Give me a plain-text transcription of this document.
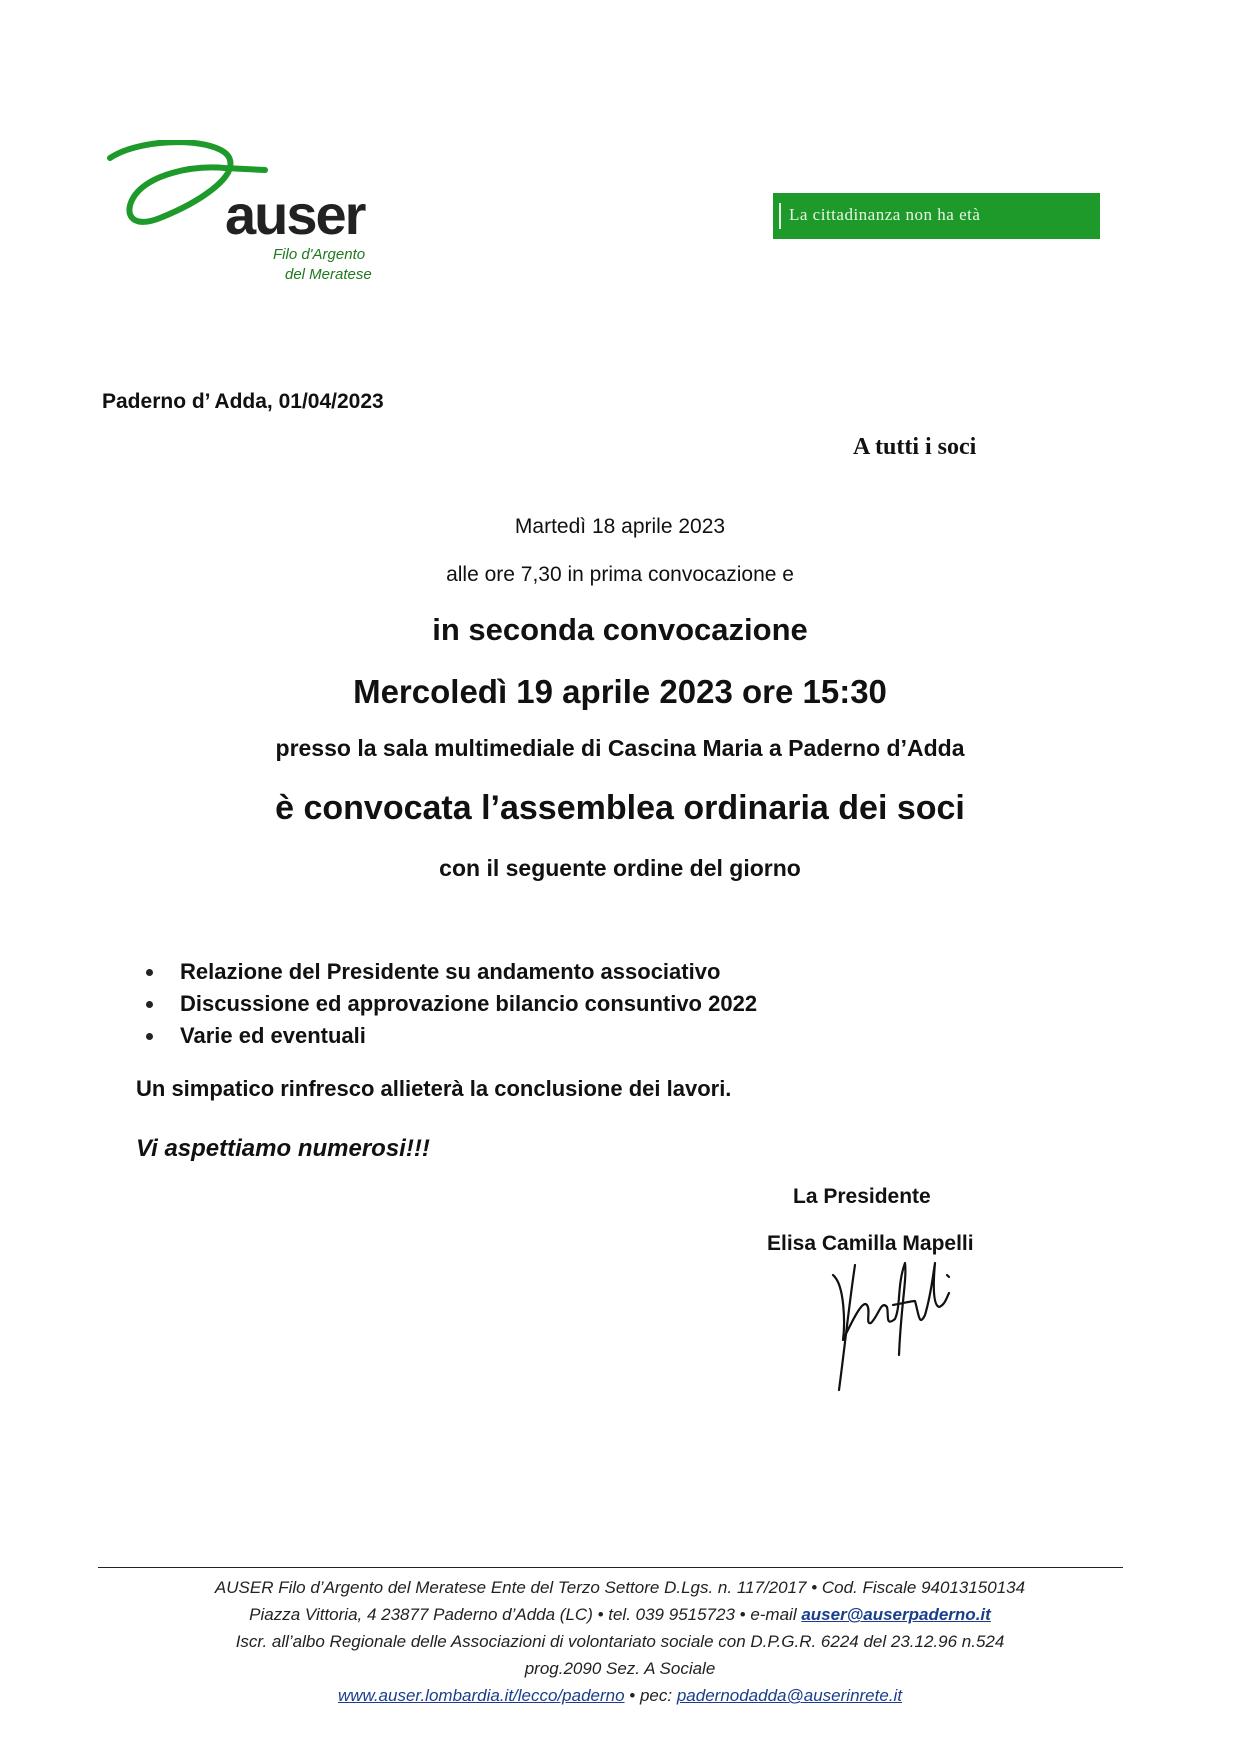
auser
Filo d'Argento
del Meratese
La cittadinanza non ha età
Paderno d’ Adda, 01/04/2023
A tutti i soci
Martedì 18 aprile 2023
alle ore 7,30 in prima convocazione e
in seconda convocazione
Mercoledì 19 aprile 2023 ore 15:30
presso la sala multimediale di Cascina Maria a Paderno d’Adda
è convocata l’assemblea ordinaria dei soci
con il seguente ordine del giorno
Relazione del Presidente su andamento associativo
Discussione ed approvazione bilancio consuntivo 2022
Varie ed eventuali
Un simpatico rinfresco allieterà la conclusione dei lavori.
Vi aspettiamo numerosi!!!
La Presidente
Elisa Camilla Mapelli
AUSER Filo d’Argento del Meratese Ente del Terzo Settore D.Lgs. n. 117/2017 • Cod. Fiscale 94013150134
Piazza Vittoria, 4 23877 Paderno d’Adda (LC) • tel. 039 9515723 • e-mail auser@auserpaderno.it
Iscr. all’albo Regionale delle Associazioni di volontariato sociale con D.P.G.R. 6224 del 23.12.96 n.524
prog.2090 Sez. A Sociale
www.auser.lombardia.it/lecco/paderno • pec: padernodadda@auserinrete.it
